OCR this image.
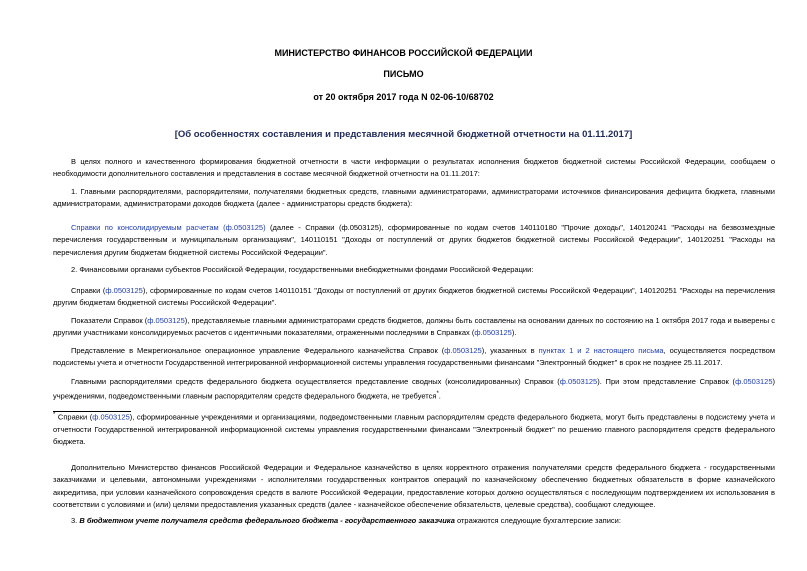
МИНИСТЕРСТВО ФИНАНСОВ РОССИЙСКОЙ ФЕДЕРАЦИИ
ПИСЬМО
от 20 октября 2017 года N 02-06-10/68702
[Об особенностях составления и представления месячной бюджетной отчетности на 01.11.2017]
В целях полного и качественного формирования бюджетной отчетности в части информации о результатах исполнения бюджетов бюджетной системы Российской Федерации, сообщаем о необходимости дополнительного составления и представления в составе месячной бюджетной отчетности на 01.11.2017:
1. Главными распорядителями, распорядителями, получателями бюджетных средств, главными администраторами, администраторами источников финансирования дефицита бюджета, главными администраторами, администраторами доходов бюджета (далее - администраторы средств бюджета):
Справки по консолидируемым расчетам (ф.0503125) (далее - Справки (ф.0503125), сформированные по кодам счетов 140110180 "Прочие доходы", 140120241 "Расходы на безвозмездные перечисления государственным и муниципальным организациям", 140110151 "Доходы от поступлений от других бюджетов бюджетной системы Российской Федерации", 140120251 "Расходы на перечисления другим бюджетам бюджетной системы Российской Федерации".
2. Финансовыми органами субъектов Российской Федерации, государственными внебюджетными фондами Российской Федерации:
Справки (ф.0503125), сформированные по кодам счетов 140110151 "Доходы от поступлений от других бюджетов бюджетной системы Российской Федерации", 140120251 "Расходы на перечисления другим бюджетам бюджетной системы Российской Федерации".
Показатели Справок (ф.0503125), представляемые главными администраторами средств бюджетов, должны быть составлены на основании данных по состоянию на 1 октября 2017 года и выверены с другими участниками консолидируемых расчетов с идентичными показателями, отраженными последними в Справках (ф.0503125).
Представление в Межрегиональное операционное управление Федерального казначейства Справок (ф.0503125), указанных в пунктах 1 и 2 настоящего письма, осуществляется посредством подсистемы учета и отчетности Государственной интегрированной информационной системы управления государственными финансами "Электронный бюджет" в срок не позднее 25.11.2017.
Главными распорядителями средств федерального бюджета осуществляется представление сводных (консолидированных) Справок (ф.0503125). При этом представление Справок (ф.0503125) учреждениями, подведомственными главным распорядителям средств федерального бюджета, не требуется*.
* Справки (ф.0503125), сформированные учреждениями и организациями, подведомственными главным распорядителям средств федерального бюджета, могут быть представлены в подсистему учета и отчетности Государственной интегрированной информационной системы управления государственными финансами "Электронный бюджет" по решению главного распорядителя средств федерального бюджета.
Дополнительно Министерство финансов Российской Федерации и Федеральное казначейство в целях корректного отражения получателями средств федерального бюджета - государственными заказчиками и целевыми, автономными учреждениями - исполнителями государственных контрактов операций по казначейскому обеспечению бюджетных обязательств в форме казначейского аккредитива, при условии казначейского сопровождения средств в валюте Российской Федерации, предоставление которых должно осуществляться с последующим подтверждением их использования в соответствии с условиями и (или) целями предоставления указанных средств (далее - казначейское обеспечение обязательств, целевые средства), сообщают следующее.
3. В бюджетном учете получателя средств федерального бюджета - государственного заказчика отражаются следующие бухгалтерские записи:
